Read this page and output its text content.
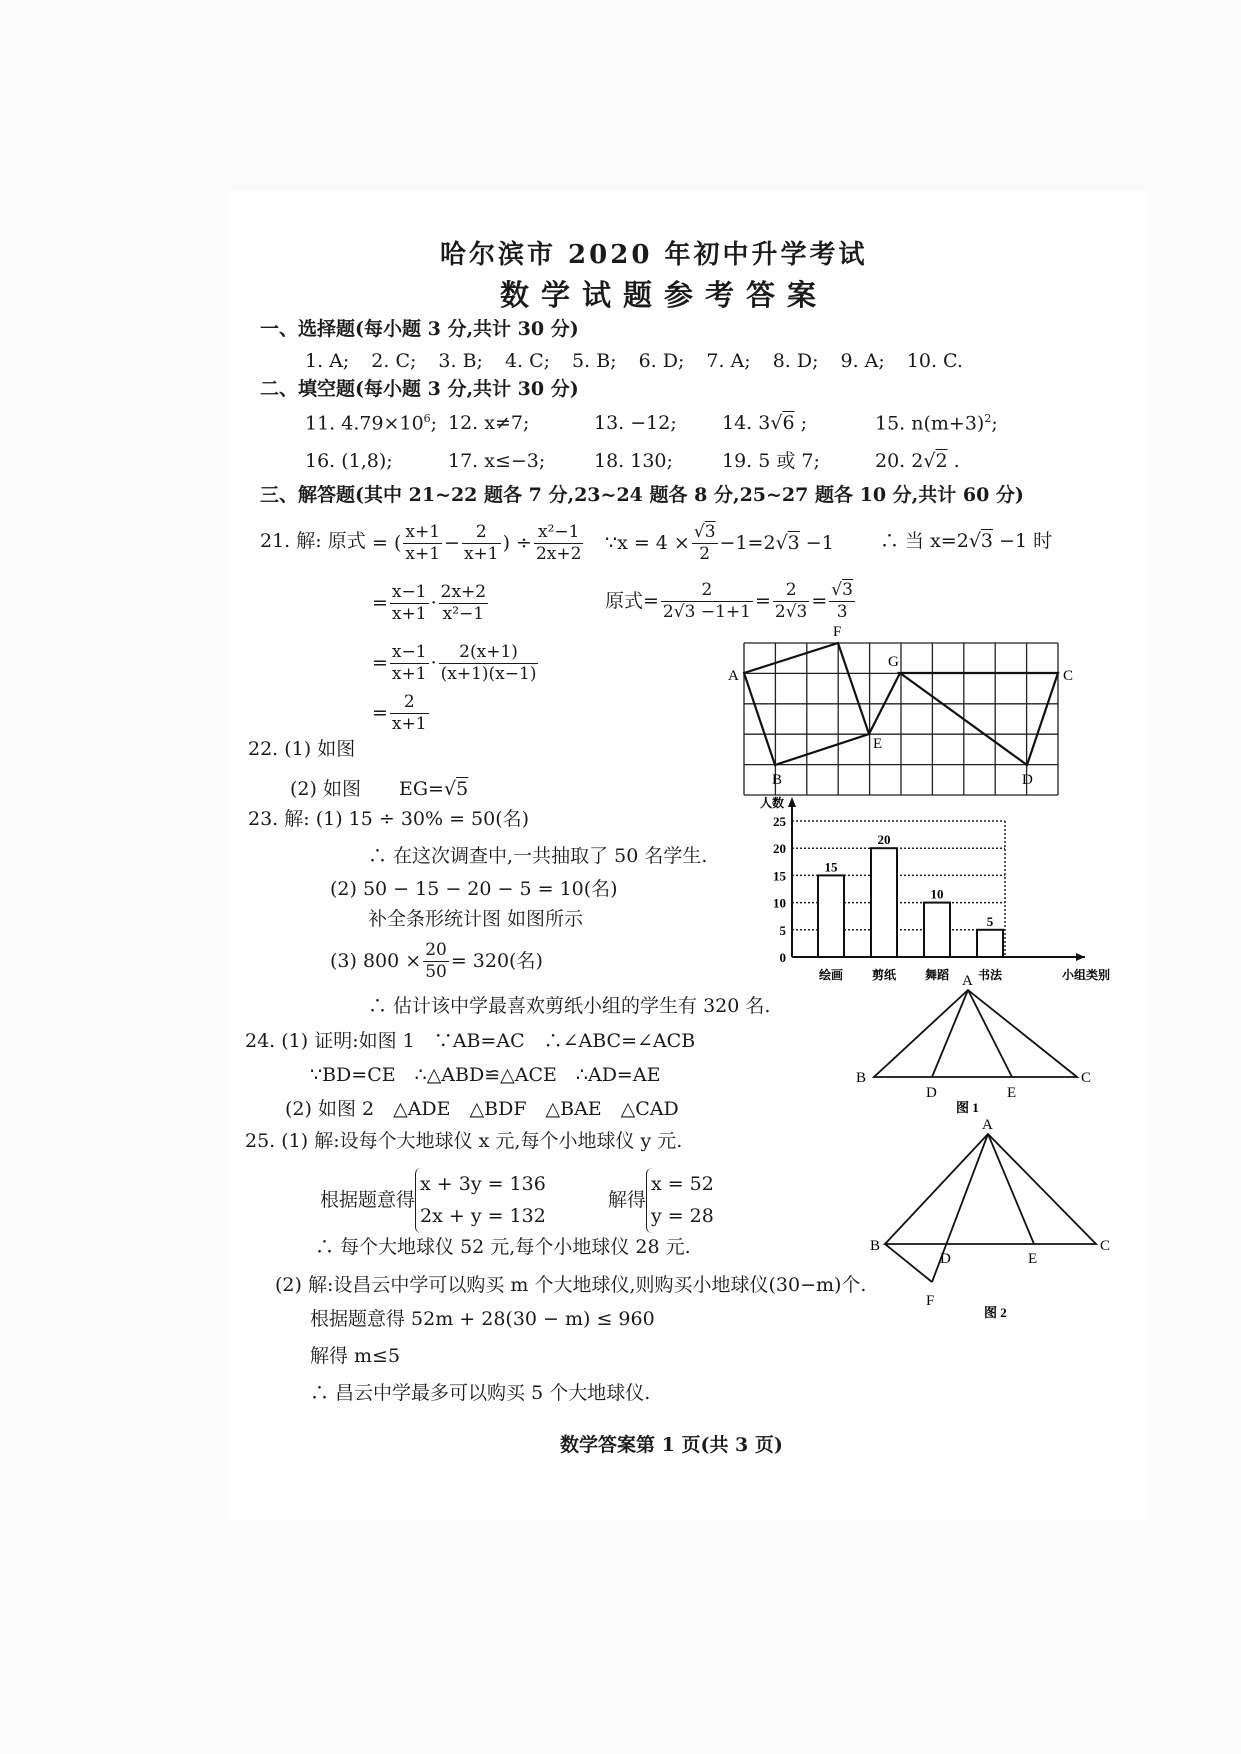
哈尔滨市 2020 年初中升学考试
数学试题参考答案
一、选择题(每小题 3 分,共计 30 分)
1. A; 2. C; 3. B; 4. C; 5. B; 6. D; 7. A; 8. D; 9. A; 10. C.
二、填空题(每小题 3 分,共计 30 分)
11. $4.79\times 10^6$; 12. x≠7;	13. −12; 14. 3√6 ;	15. $n(m+3)^2$;
16. (1,8);	17. x≤−3;	18. 130;	19. 5 或 7;	20. 2√2 .
三、解答题(其中 21~22 题各 7 分,23~24 题各 8 分,25~27 题各 10 分,共计 60 分)
21. 解: 原式 = ( $\frac{x+1}{x+1} - \frac{2}{x+1}$ ) ÷ $\frac{\text{x²−1}}{2x+2}$
= $\frac{x-1}{x+1} \cdot \frac{2x+2}{\text{x²−1}}$
= $\frac{x-1}{x+1} \cdot \frac{2(x+1)}{(x+1)(x-1)}$
= $\frac{2}{x+1}$
∵x = $4 \times \frac{√3}{2} -1=2√3 -1$ ∴ 当 x=2√3 −1 时
原式= $\frac{2}{2√3 -1+1} = \frac{2}{2√3} = \frac{√3}{3}$
A
F
G
C
E
B	D
22. (1) 如图
(2) 如图　　 EG=√5
23. 解: (1) 15 ÷ 30% = 50(名)
∴ 在这次调查中,一共抽取了 50 名学生.
(2) 50 − 15 − 20 − 5 = 10(名)
补全条形统计图 如图所示
(3) $800 \times \frac{20}{50} = 320$(名)
∴ 估计该中学最喜欢剪纸小组的学生有 320 名.
小组类别
人数
0
5
10
15
20
25
15
绘画
20
剪纸
10
舞蹈
5
书法
24. (1) 证明:如图 1　∵AB=AC　∴∠ABC=∠ACB
∵BD=CE　∴△ABD≌△ACE　∴AD=AE
(2) 如图 2　△ADE　△BDF　△BAE　△CAD
A
B	C
D	E
图 1
25. (1) 解:设每个大地球仪 x 元,每个小地球仪 y 元.
根据题意得x + 3y = 136
2x + y = 132  解得x = 52
y = 28
∴ 每个大地球仪 52 元,每个小地球仪 28 元.
(2) 解:设昌云中学可以购买 m 个大地球仪,则购买小地球仪(30−m)个.
根据题意得 52m + 28(30 − m) ≤ 960
解得 m≤5
∴ 昌云中学最多可以购买 5 个大地球仪.
A
B	C
D	E
F
图 2
数学答案第 1 页(共 3 页)
